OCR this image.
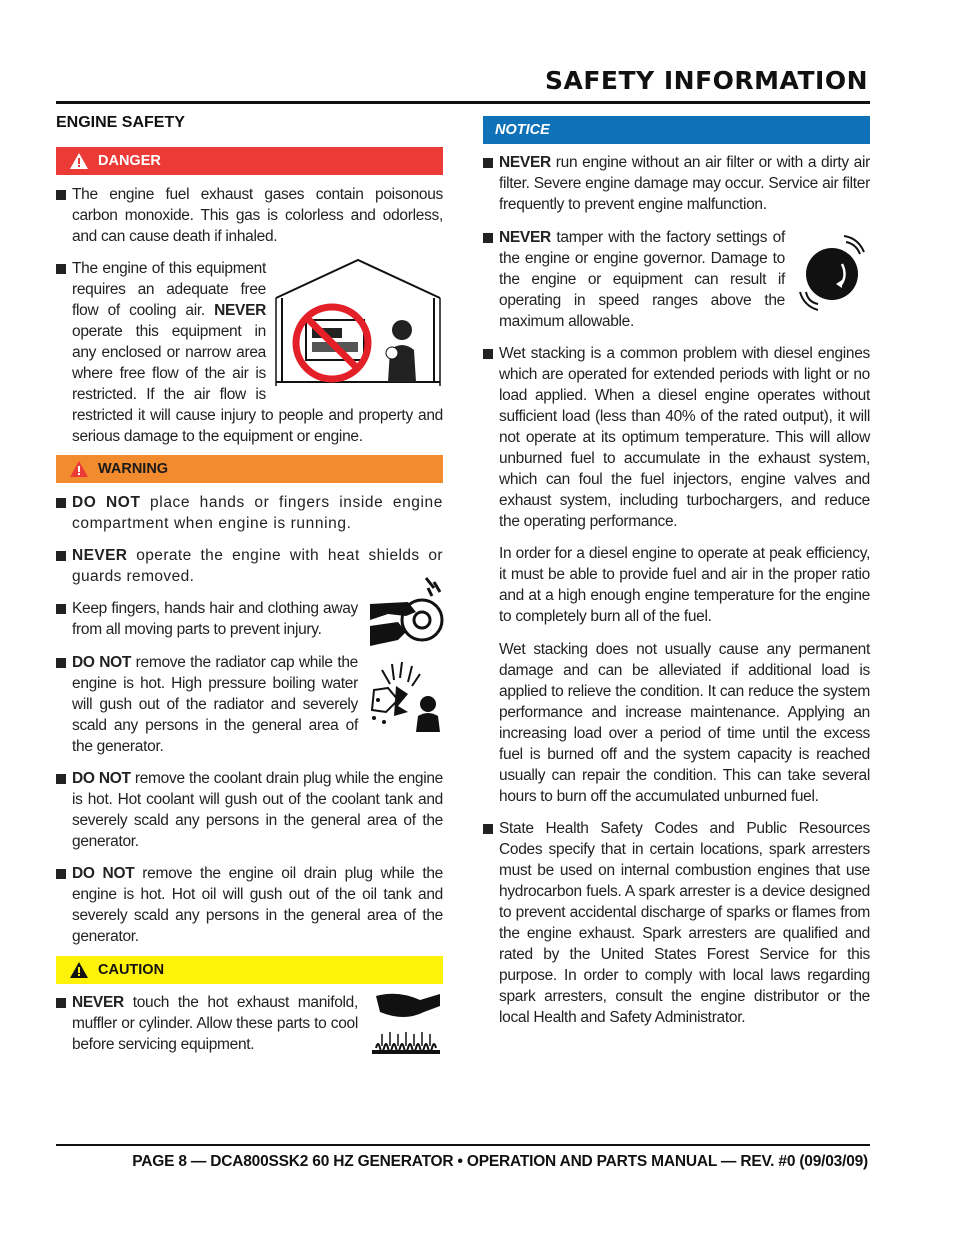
SAFETY INFORMATION
ENGINE SAFETY
DANGER
The engine fuel exhaust gases contain poisonous carbon monoxide. This gas is colorless and odorless, and can cause death if inhaled.
The engine of this equipment requires an adequate free flow of cooling air. NEVER operate this equipment in any enclosed or narrow area where free flow of the air is restricted. If the air flow is restricted it will cause injury to people and property and serious damage to the equipment or engine.
WARNING
DO NOT place hands or fingers inside engine compartment when engine is running.
NEVER operate the engine with heat shields or guards removed.
Keep fingers, hands hair and clothing away from all moving parts to prevent injury.
DO NOT remove the radiator cap while the engine is hot. High pressure boiling water will gush out of the radiator and severely scald any persons in the general area of the generator.
DO NOT remove the coolant drain plug while the engine is hot. Hot coolant will gush out of the coolant tank and severely scald any persons in the general area of the generator.
DO NOT remove the engine oil drain plug while the engine is hot. Hot oil will gush out of the oil tank and severely scald any persons in the general area of the generator.
CAUTION
NEVER touch the hot exhaust manifold, muffler or cylinder. Allow these parts to cool before servicing equipment.
NOTICE
NEVER run engine without an air filter or with a dirty air filter. Severe engine damage may occur. Service air filter frequently to prevent engine malfunction.
NEVER tamper with the factory settings of the engine or engine governor. Damage to the engine or equipment can result if operating in speed ranges above the maximum allowable.
Wet stacking is a common problem with diesel engines which are operated for extended periods with light or no load applied. When a diesel engine operates without sufficient load (less than 40% of the rated output), it will not operate at its optimum temperature. This will allow unburned fuel to accumulate in the exhaust system, which can foul the fuel injectors, engine valves and exhaust system, including turbochargers, and reduce the operating performance.
In order for a diesel engine to operate at peak efficiency, it must be able to provide fuel and air in the proper ratio and at a high enough engine temperature for the engine to completely burn all of the fuel.
Wet stacking does not usually cause any permanent damage and can be alleviated if additional load is applied to relieve the condition. It can reduce the system performance and increase maintenance. Applying an increasing load over a period of time until the excess fuel is burned off and the system capacity is reached usually can repair the condition. This can take several hours to burn off the accumulated unburned fuel.
State Health Safety Codes and Public Resources Codes specify that in certain locations, spark arresters must be used on internal combustion engines that use hydrocarbon fuels. A spark arrester is a device designed to prevent accidental discharge of sparks or flames from the engine exhaust. Spark arresters are qualified and rated by the United States Forest Service for this purpose. In order to comply with local laws regarding spark arresters, consult the engine distributor or the local Health and Safety Administrator.
PAGE 8 — DCA800SSK2 60 HZ GENERATOR • OPERATION AND PARTS MANUAL — REV. #0 (09/03/09)
